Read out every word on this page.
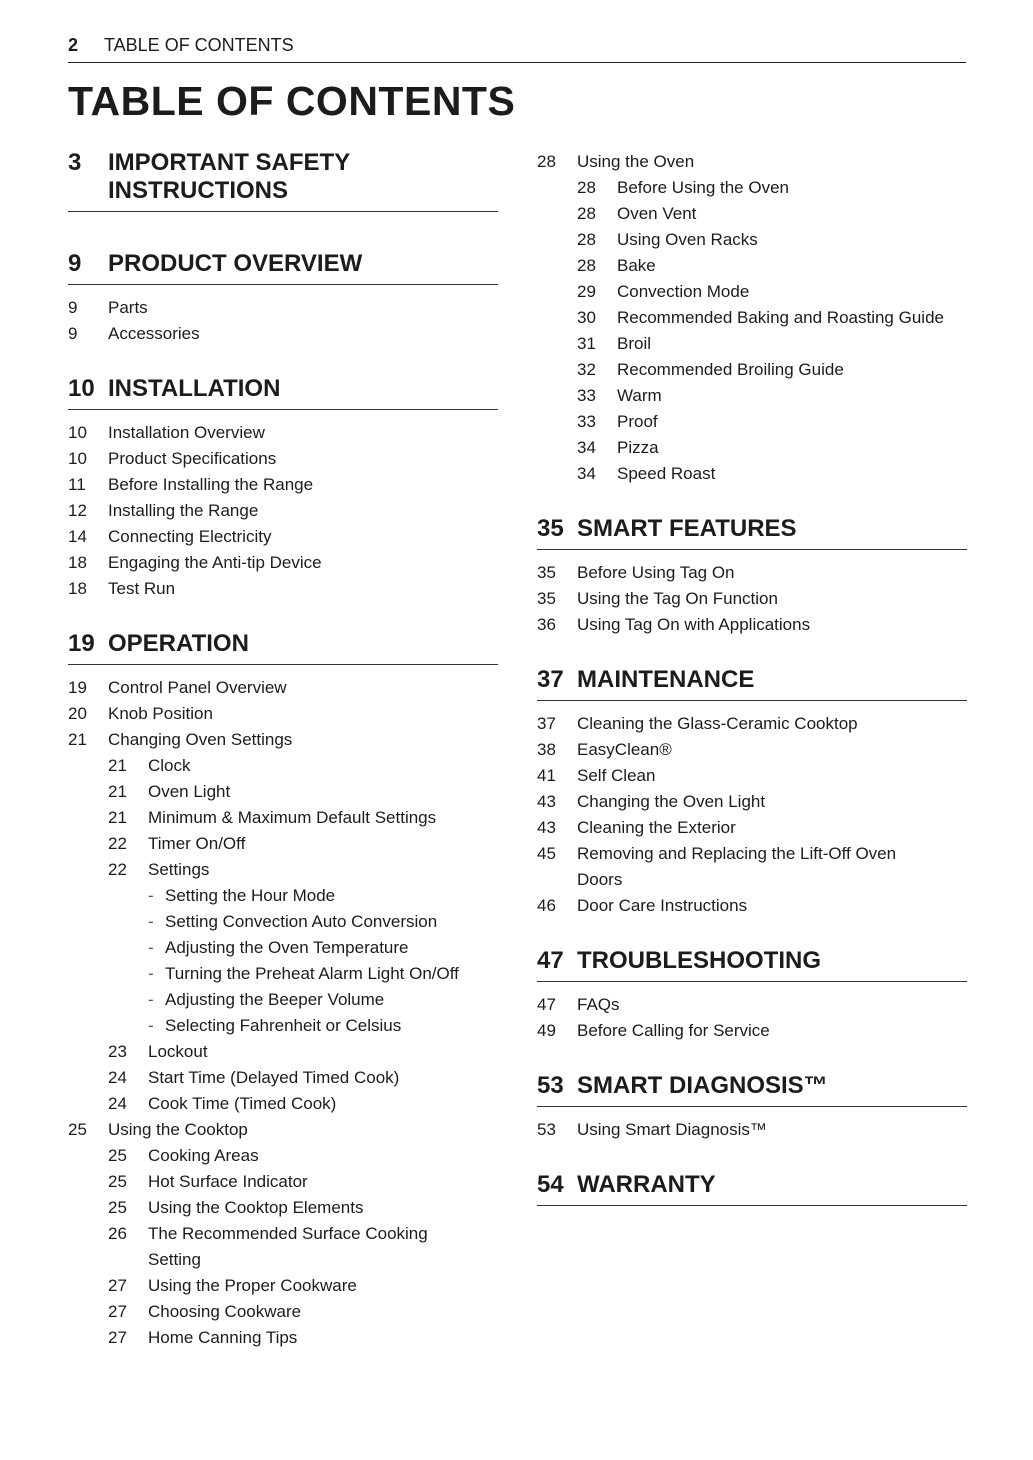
2 TABLE OF CONTENTS
TABLE OF CONTENTS
3	IMPORTANT SAFETY
INSTRUCTIONS
9	PRODUCT OVERVIEW
9	Parts
9	Accessories
10 INSTALLATION
10	Installation Overview
10	Product Specifications
11	Before Installing the Range
12	Installing the Range
14	Connecting Electricity
18	Engaging the Anti-tip Device
18	Test Run
19 OPERATION
19	Control Panel Overview
20	Knob Position
21	Changing Oven Settings
21	Clock
21	Oven Light
21	Minimum & Maximum Default Settings
22	Timer On/Off
22	Settings
- Setting the Hour Mode
- Setting Convection Auto Conversion
- Adjusting the Oven Temperature
- Turning the Preheat Alarm Light On/Off
- Adjusting the Beeper Volume
- Selecting Fahrenheit or Celsius
23	Lockout
24	Start Time (Delayed Timed Cook)
24	Cook Time (Timed Cook)
25	Using the Cooktop
25	Cooking Areas
25	Hot Surface Indicator
25	Using the Cooktop Elements
26	The Recommended Surface Cooking Setting
27	Using the Proper Cookware
27	Choosing Cookware
27	Home Canning Tips
28	Using the Oven
28	Before Using the Oven
28	Oven Vent
28	Using Oven Racks
28	Bake
29	Convection Mode
30	Recommended Baking and Roasting Guide
31	Broil
32	Recommended Broiling Guide
33	Warm
33	Proof
34	Pizza
34	Speed Roast
35 SMART FEATURES
35	Before Using Tag On
35	Using the Tag On Function
36	Using Tag On with Applications
37 MAINTENANCE
37	Cleaning the Glass-Ceramic Cooktop
38	EasyClean®
41	Self Clean
43	Changing the Oven Light
43	Cleaning the Exterior
45	Removing and Replacing the Lift-Off Oven Doors
46	Door Care Instructions
47 TROUBLESHOOTING
47	FAQs
49	Before Calling for Service
53 SMART DIAGNOSIS™
53	Using Smart Diagnosis™
54 WARRANTY
